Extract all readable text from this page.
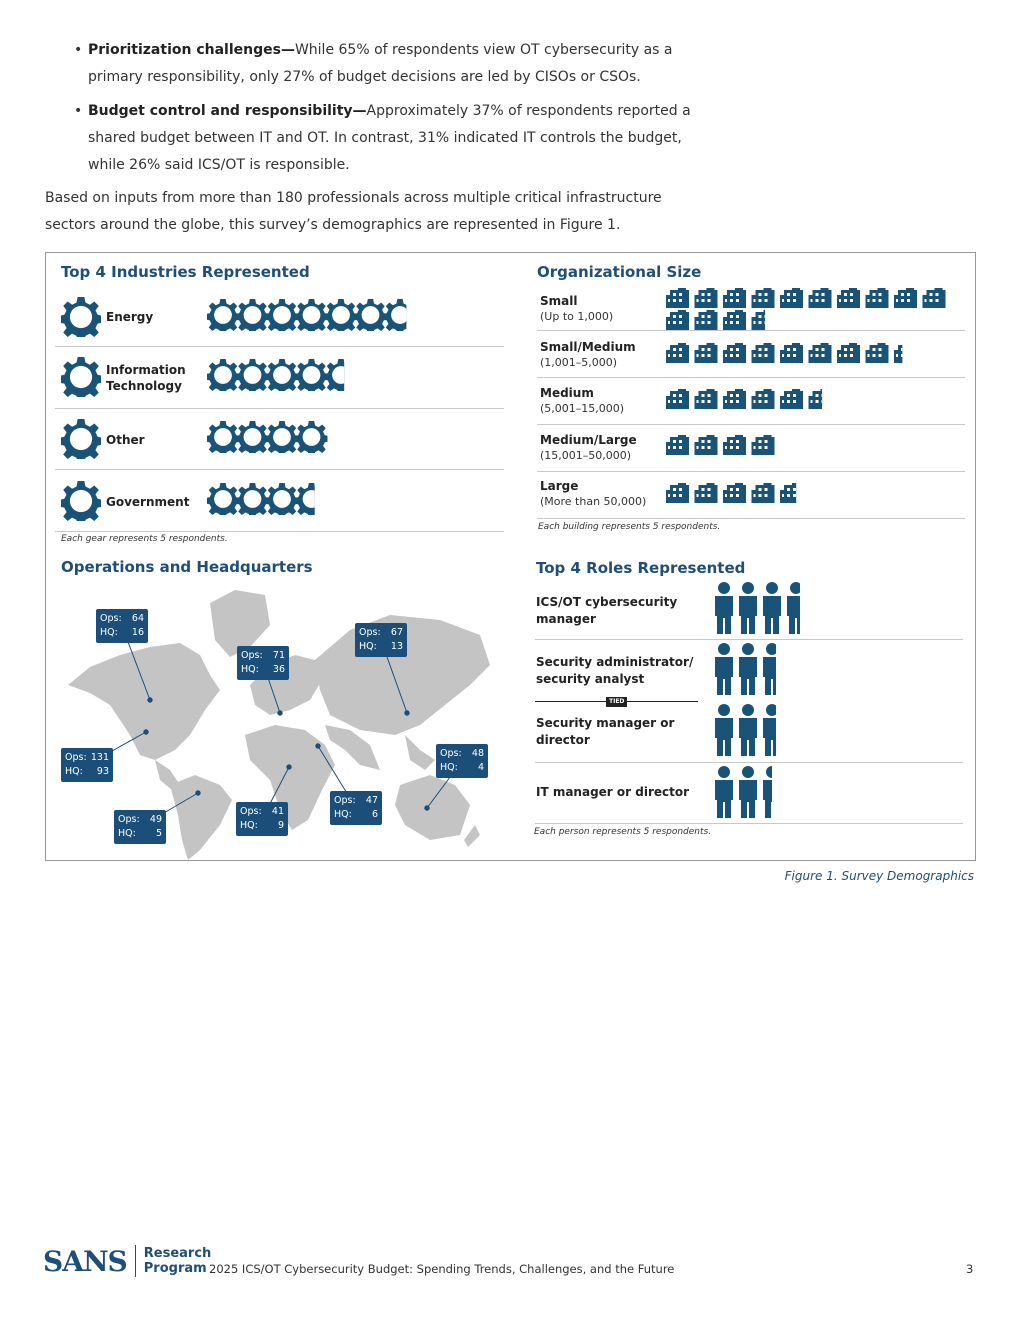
• Prioritization challenges—While 65% of respondents view OT cybersecurity as a primary responsibility, only 27% of budget decisions are led by CISOs or CSOs.
• Budget control and responsibility—Approximately 37% of respondents reported a shared budget between IT and OT. In contrast, 31% indicated IT controls the budget, while 26% said ICS/OT is responsible.
Based on inputs from more than 180 professionals across multiple critical infrastructure sectors around the globe, this survey’s demographics are represented in Figure 1.
Top 4 Industries Represented
Energy
Information Technology
Other
Government
Each gear represents 5 respondents.
Organizational Size
Small
(Up to 1,000)
Small/Medium
(1,001–5,000)
Medium
(5,001–15,000)
Medium/Large
(15,001–50,000)
Large
(More than 50,000)
Each building represents 5 respondents.
Operations and Headquarters
Ops: 64
HQ: 16
Ops: 131
HQ: 93
Ops: 49
HQ: 5
Ops: 71
HQ: 36
Ops: 41
HQ: 9
Ops: 47
HQ: 6
Ops: 67
HQ: 13
Ops: 48
HQ: 4
Top 4 Roles Represented
TIED
ICS/OT cybersecurity manager
Security administrator/ security analyst
Security manager or director
IT manager or director
Each person represents 5 respondents.
Figure 1. Survey Demographics
SANS Research
Program 2025 ICS/OT Cybersecurity Budget: Spending Trends, Challenges, and the Future	3
